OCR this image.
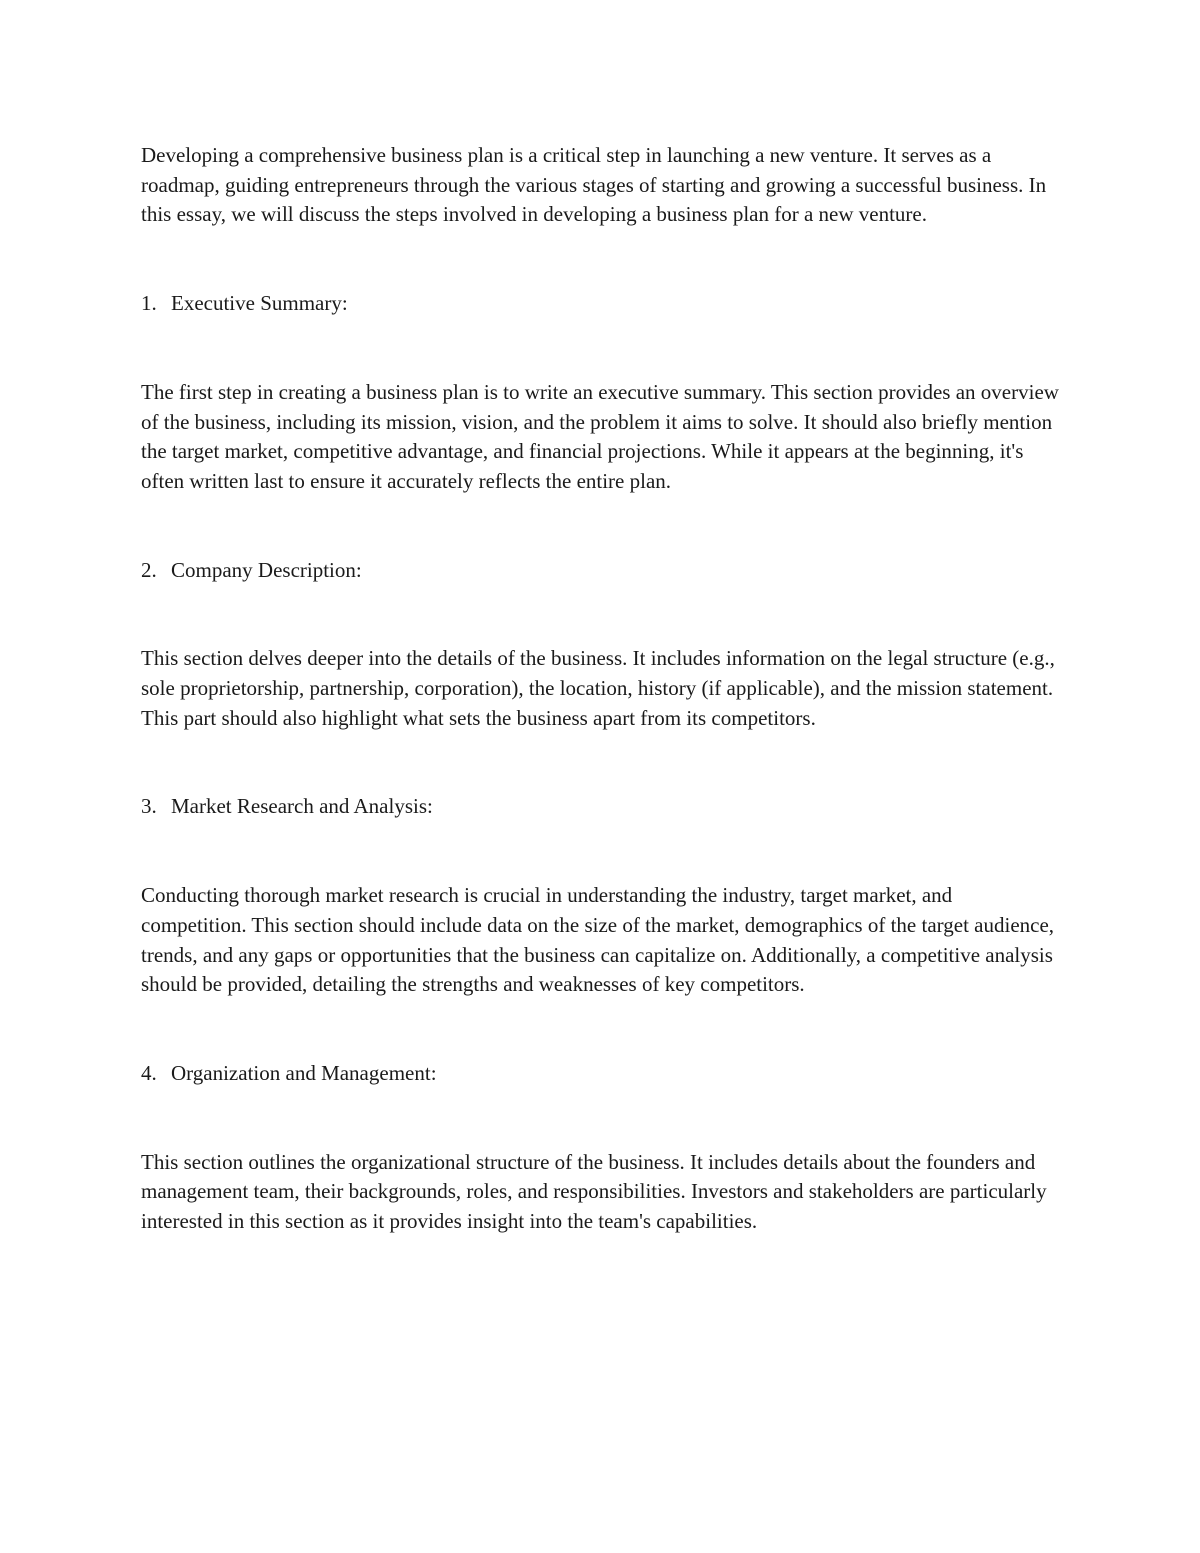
Developing a comprehensive business plan is a critical step in launching a new venture. It serves as a roadmap, guiding entrepreneurs through the various stages of starting and growing a successful business. In this essay, we will discuss the steps involved in developing a business plan for a new venture.

1. Executive Summary:

The first step in creating a business plan is to write an executive summary. This section provides an overview of the business, including its mission, vision, and the problem it aims to solve. It should also briefly mention the target market, competitive advantage, and financial projections. While it appears at the beginning, it's often written last to ensure it accurately reflects the entire plan.

2. Company Description:

This section delves deeper into the details of the business. It includes information on the legal structure (e.g., sole proprietorship, partnership, corporation), the location, history (if applicable), and the mission statement. This part should also highlight what sets the business apart from its competitors.

3. Market Research and Analysis:

Conducting thorough market research is crucial in understanding the industry, target market, and competition. This section should include data on the size of the market, demographics of the target audience, trends, and any gaps or opportunities that the business can capitalize on. Additionally, a competitive analysis should be provided, detailing the strengths and weaknesses of key competitors.

4. Organization and Management:

This section outlines the organizational structure of the business. It includes details about the founders and management team, their backgrounds, roles, and responsibilities. Investors and stakeholders are particularly interested in this section as it provides insight into the team's capabilities.
